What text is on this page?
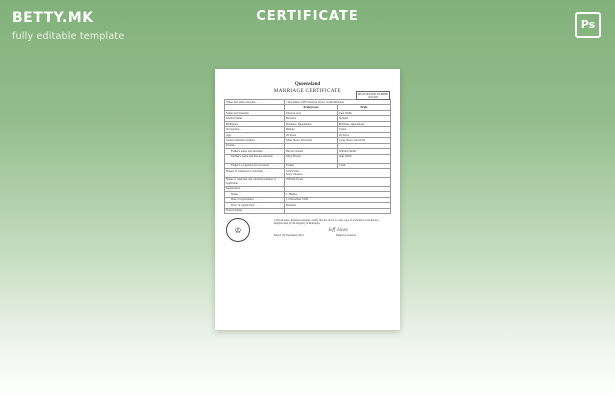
BETTY.MK
fully editable template
CERTIFICATE
Ps
Queensland
MARRIAGE CERTIFICATE	REGISTRATION NUMBER 2012/000
When and where married . . .	7 December 1958 Valencia Street, South Brisbane	
	Bridegroom	Bride
Name and Surname . . .	Edwin Lucas	Jane Smith
Marital Status . . .	Bachelor	Spinster
Birthplace . . .	Brisbane, Queensland	Brisbane, Queensland
Occupation . . .	Builder	Typist
Age . . .	26 Years	20 Years
Usual residential address . . .	Main Street, West End	Long Street, West End
Parents . . .		
Father's name and surname . . .	Barton Chester	William Smith
Mother's name and maiden surname . . .	Mary Brown	Ann Smith
Father's occupation (if recorded) . . .	Farmer	Clerk
Names of witnesses to marriage . . .	Sarah Wise
Terry Johnson	
Name of celebrant and celebrant number, if applicable . . .	William Evans	
Registration . . .	
Name . . .	J. Hughes	
Date of registration . . .	11 December 1958	
Place of registration . . .	Brisbane	
Notes/Change . . .	
♔
I, David Jones, Registrar-General, certify that the above is a true copy of particulars recorded in a Register kept by the Registry of Marriages
Jeff Jones
Dated: 29 September 2012	Registrar-General
